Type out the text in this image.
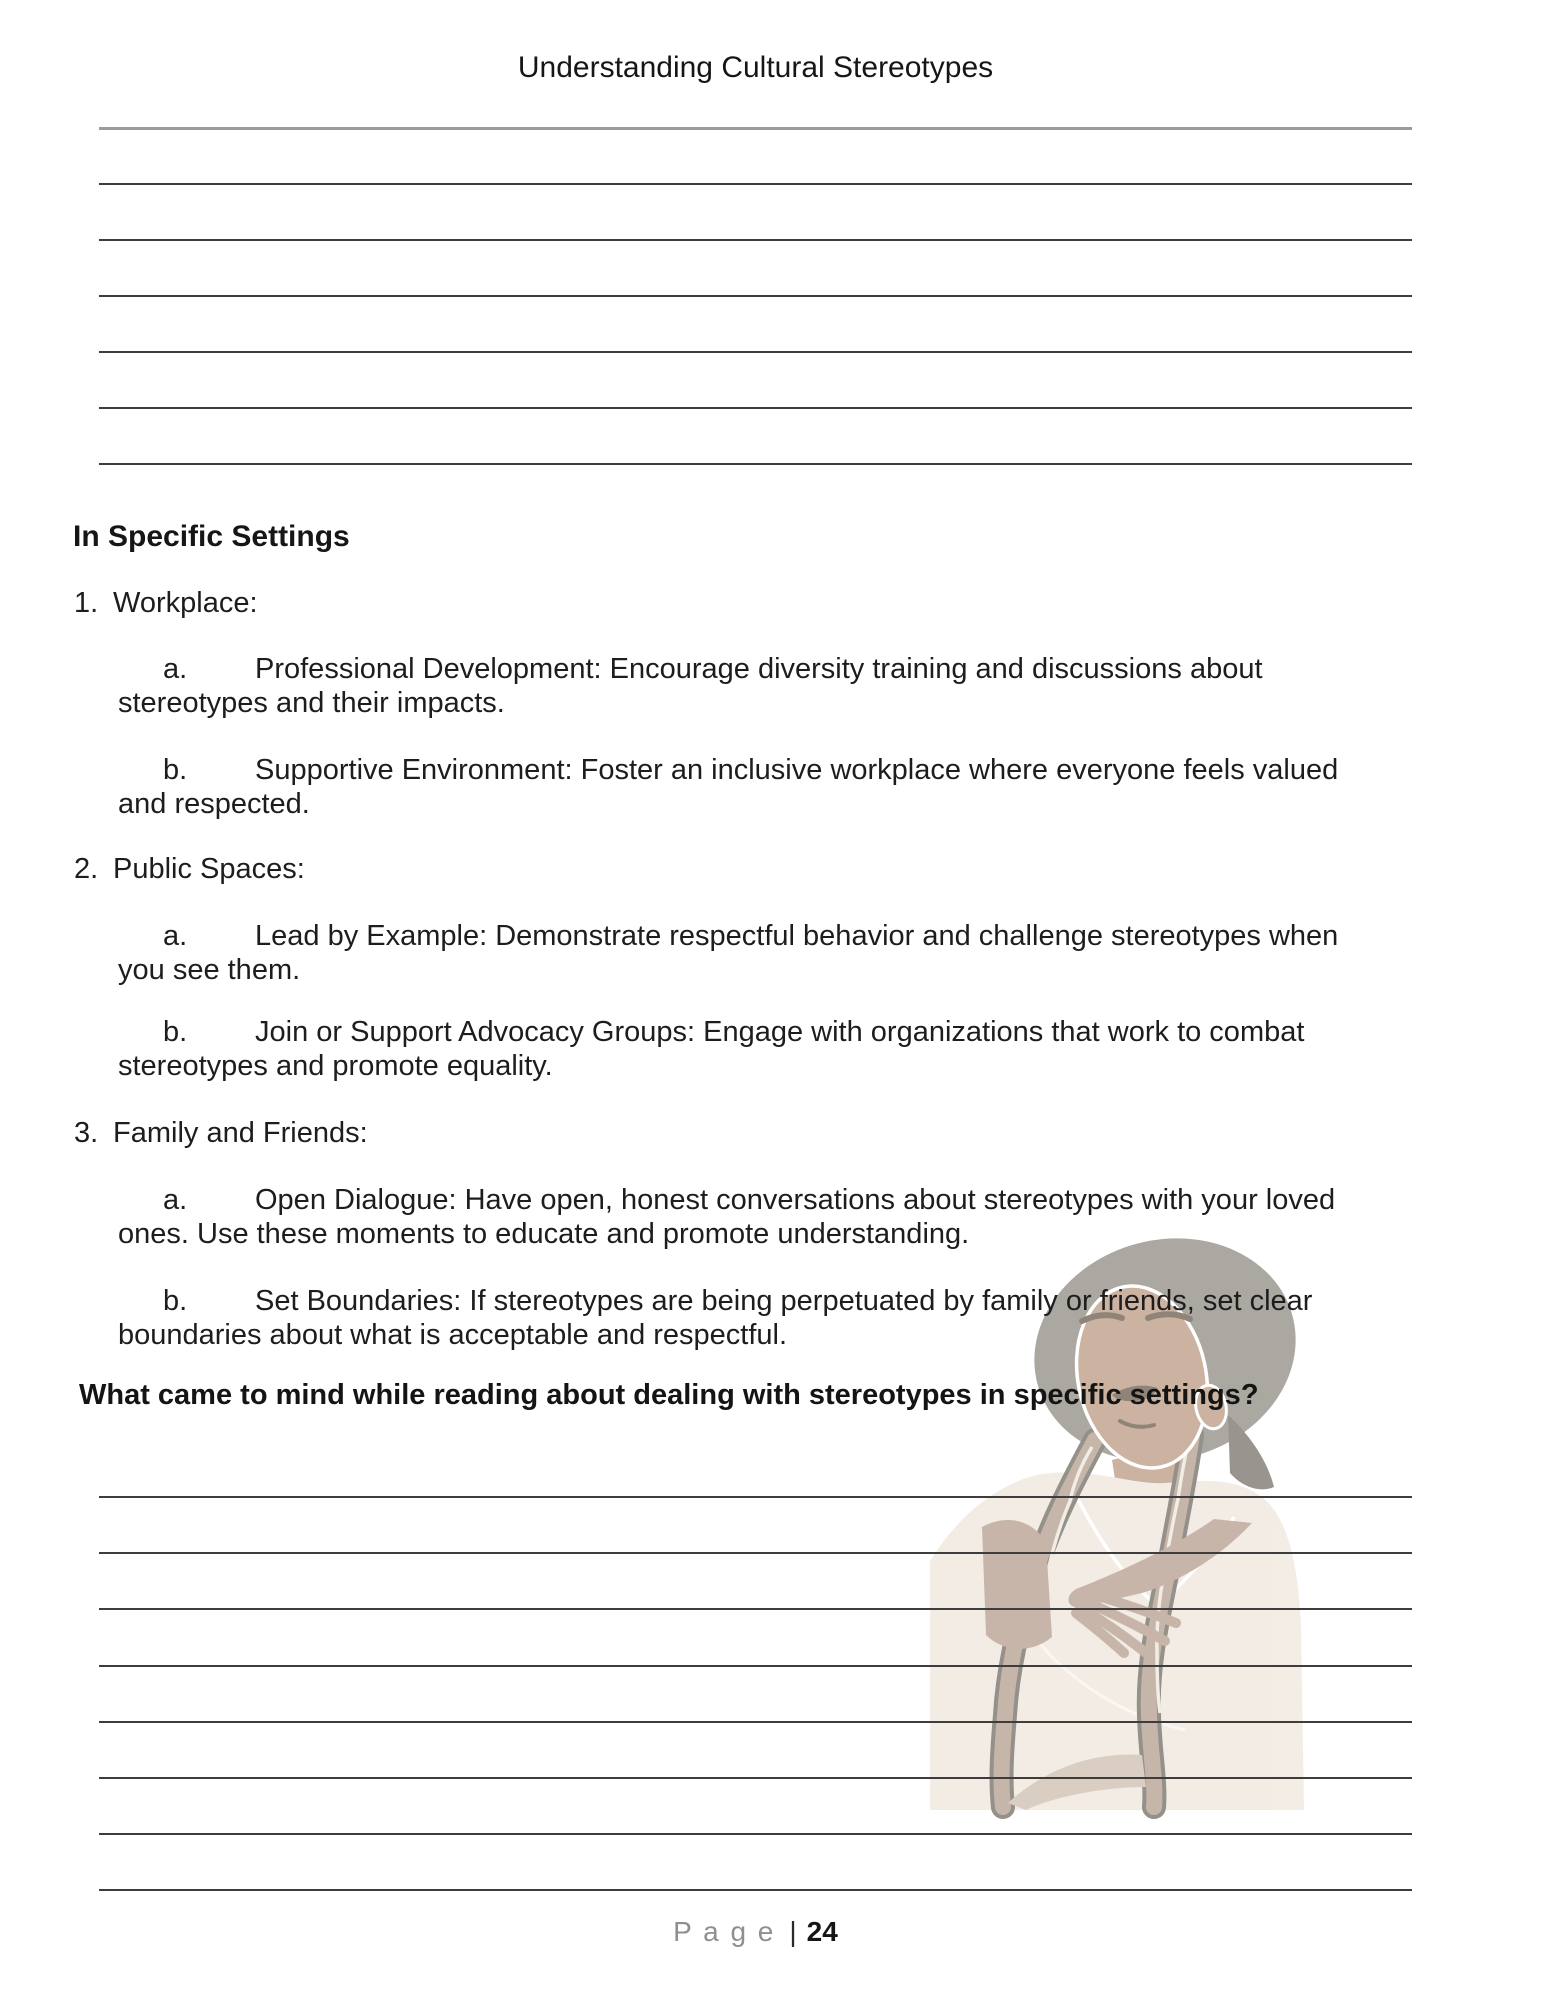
Understanding Cultural Stereotypes
In Specific Settings
1. Workplace:
a. Professional Development: Encourage diversity training and discussions about
stereotypes and their impacts.
b. Supportive Environment: Foster an inclusive workplace where everyone feels valued
and respected.
2. Public Spaces:
a. Lead by Example: Demonstrate respectful behavior and challenge stereotypes when
you see them.
b. Join or Support Advocacy Groups: Engage with organizations that work to combat
stereotypes and promote equality.
3. Family and Friends:
a. Open Dialogue: Have open, honest conversations about stereotypes with your loved
ones. Use these moments to educate and promote understanding.
b. Set Boundaries: If stereotypes are being perpetuated by family or friends, set clear
boundaries about what is acceptable and respectful.
What came to mind while reading about dealing with stereotypes in specific settings?
P a g e | 24
